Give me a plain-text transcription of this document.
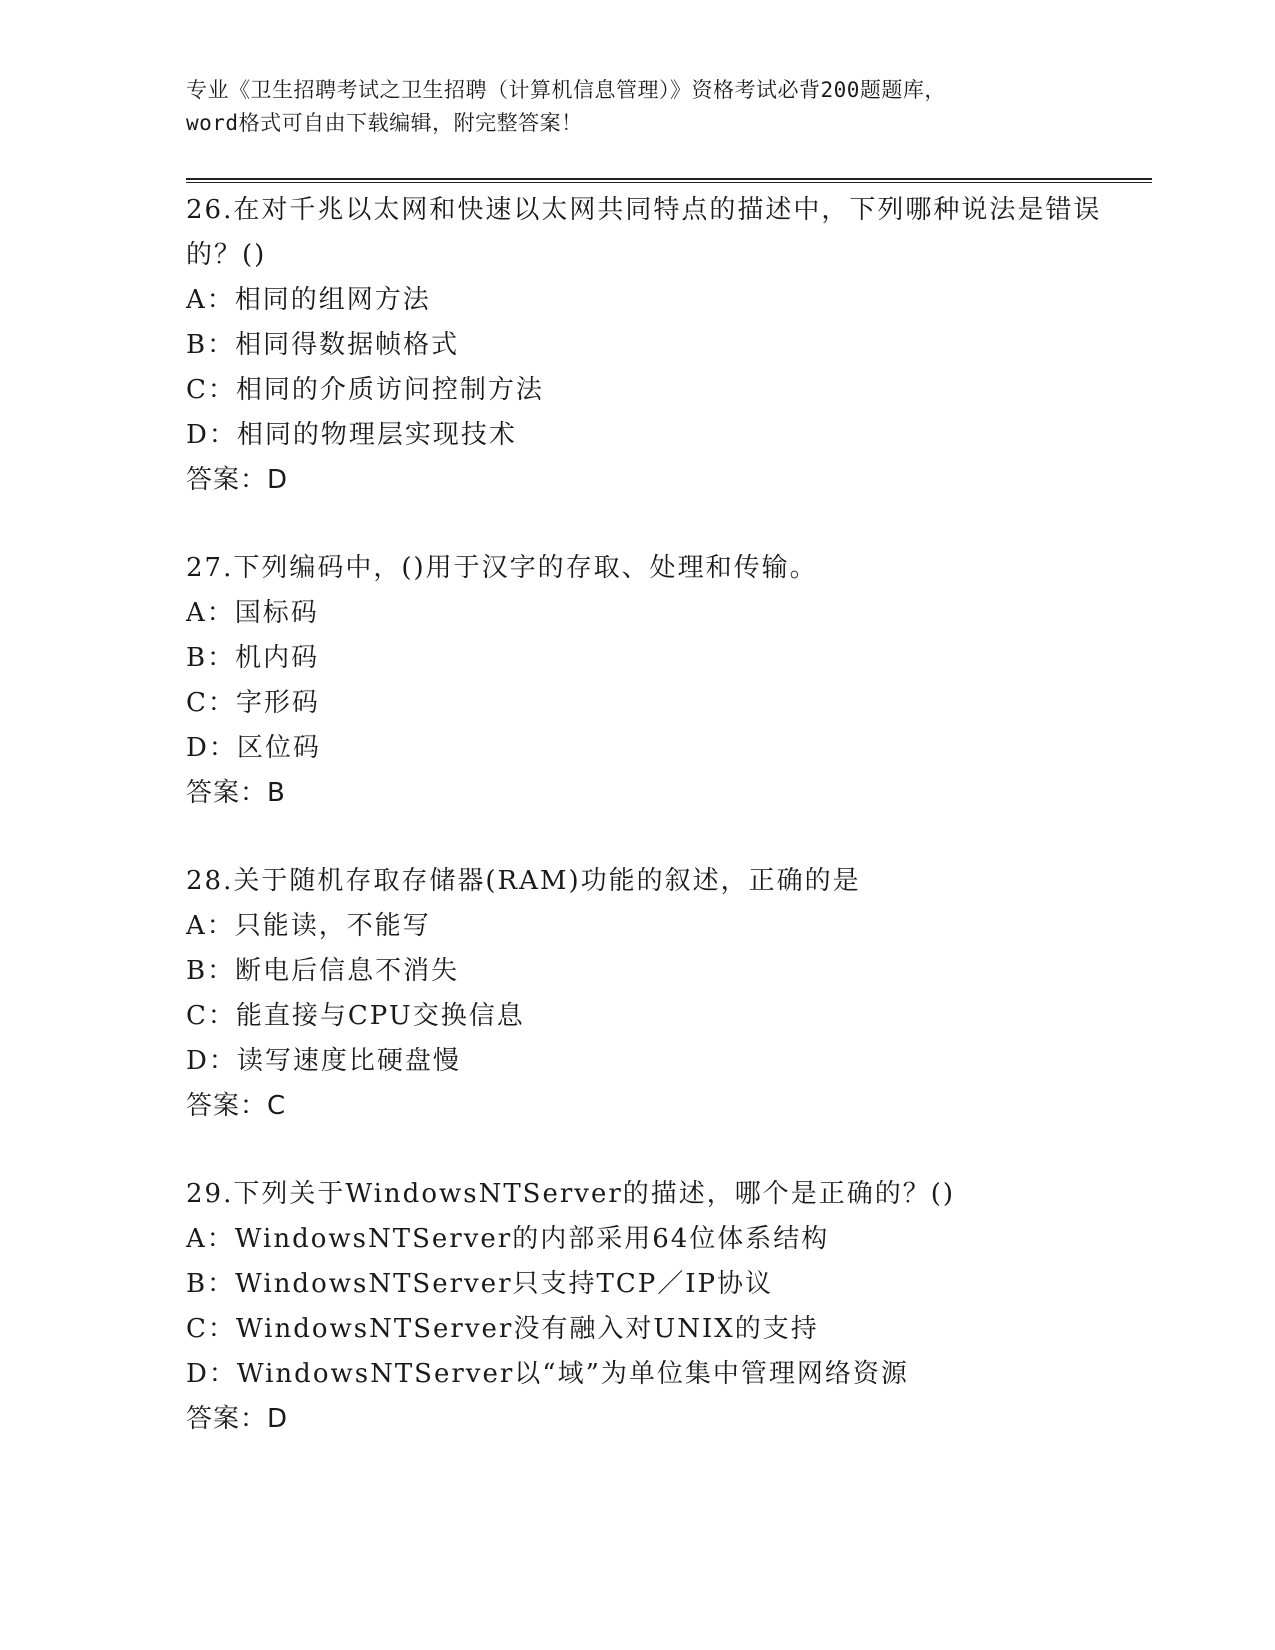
专业《卫生招聘考试之卫生招聘（计算机信息管理）》资格考试必背200题题库，
word格式可自由下载编辑，附完整答案！

26.在对千兆以太网和快速以太网共同特点的描述中，下列哪种说法是错误的？()

A：相同的组网方法

B：相同得数据帧格式

C：相同的介质访问控制方法

D：相同的物理层实现技术

答案：D

27.下列编码中，()用于汉字的存取、处理和传输。

A：国标码

B：机内码

C：字形码

D：区位码

答案：B

28.关于随机存取存储器(RAM)功能的叙述，正确的是

A：只能读，不能写

B：断电后信息不消失

C：能直接与CPU交换信息

D：读写速度比硬盘慢

答案：C

29.下列关于WindowsNTServer的描述，哪个是正确的？()

A：WindowsNTServer的内部采用64位体系结构

B：WindowsNTServer只支持TCP／IP协议

C：WindowsNTServer没有融入对UNIX的支持

D：WindowsNTServer以“域”为单位集中管理网络资源

答案：D
